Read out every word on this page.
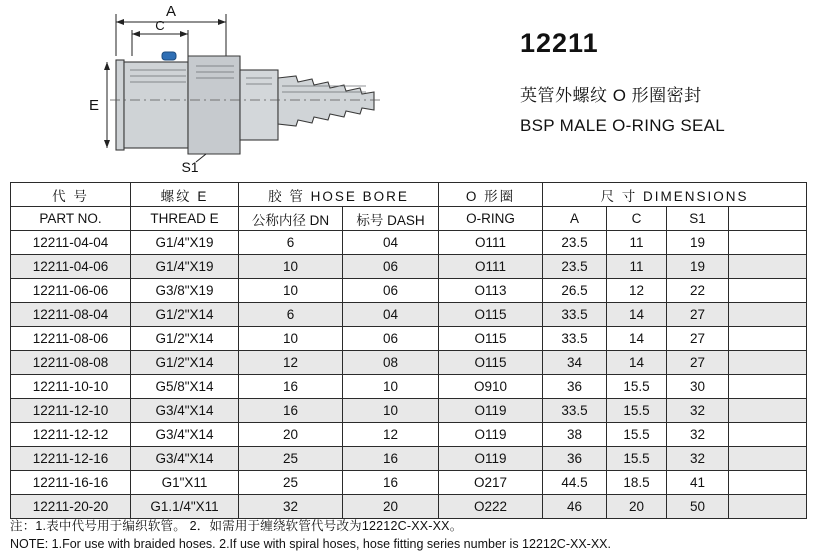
A
C
E
S1
12211
英管外螺纹 O 形圈密封
BSP MALE O-RING SEAL
代 号	螺纹 E	胶 管 HOSE BORE		O 形圈	尺 寸 DIMENSIONS			
PART NO.	THREAD E	公称内径 DN	标号 DASH	O-RING	A	C	S1	
12211-04-04	G1/4"X19	6	04	O111	23.5	11	19	
12211-04-06	G1/4"X19	10	06	O111	23.5	11	19	
12211-06-06	G3/8"X19	10	06	O113	26.5	12	22	
12211-08-04	G1/2"X14	6	04	O115	33.5	14	27	
12211-08-06	G1/2"X14	10	06	O115	33.5	14	27	
12211-08-08	G1/2"X14	12	08	O115	34	14	27	
12211-10-10	G5/8"X14	16	10	O910	36	15.5	30	
12211-12-10	G3/4"X14	16	10	O119	33.5	15.5	32	
12211-12-12	G3/4"X14	20	12	O119	38	15.5	32	
12211-12-16	G3/4"X14	25	16	O119	36	15.5	32	
12211-16-16	G1"X11	25	16	O217	44.5	18.5	41	
12211-20-20	G1.1/4"X11	32	20	O222	46	20	50	
注：1.表中代号用于编织软管。 2．如需用于缠绕软管代号改为12212C-XX-XX。
NOTE: 1.For use with braided hoses. 2.If use with spiral hoses, hose fitting series number is 12212C-XX-XX.
